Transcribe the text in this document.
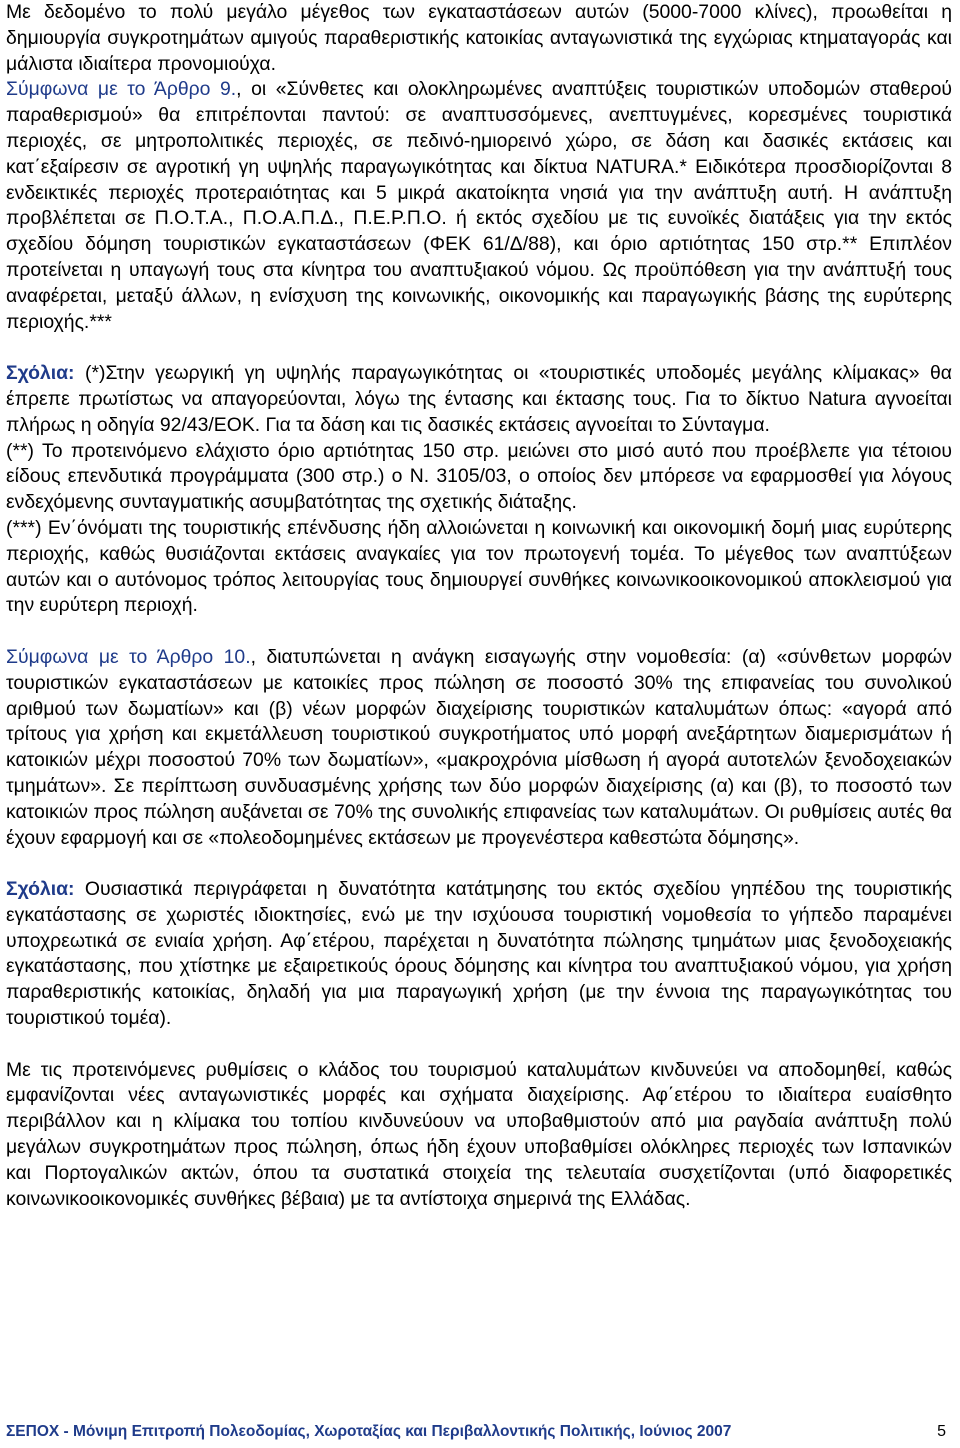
Με δεδομένο το πολύ μεγάλο μέγεθος των εγκαταστάσεων αυτών (5000-7000 κλίνες), προωθείται η δημιουργία συγκροτημάτων αμιγούς παραθεριστικής κατοικίας ανταγωνιστικά της εγχώριας κτηματαγοράς και μάλιστα ιδιαίτερα προνομιούχα.

Σύμφωνα με το Άρθρο 9., οι «Σύνθετες και ολοκληρωμένες αναπτύξεις τουριστικών υποδομών σταθερού παραθερισμού» θα επιτρέπονται παντού: σε αναπτυσσόμενες, ανεπτυγμένες, κορεσμένες τουριστικά περιοχές, σε μητροπολιτικές περιοχές, σε πεδινό-ημιορεινό χώρο, σε δάση και δασικές εκτάσεις και κατ΄εξαίρεσιν σε αγροτική γη υψηλής παραγωγικότητας και δίκτυα NATURA.* Ειδικότερα προσδιορίζονται 8 ενδεικτικές περιοχές προτεραιότητας και 5 μικρά ακατοίκητα νησιά για την ανάπτυξη αυτή. Η ανάπτυξη προβλέπεται σε Π.Ο.Τ.Α., Π.Ο.Α.Π.Δ., Π.Ε.Ρ.Π.Ο. ή εκτός σχεδίου με τις ευνοϊκές διατάξεις για την εκτός σχεδίου δόμηση τουριστικών εγκαταστάσεων (ΦΕΚ 61/Δ/88), και όριο αρτιότητας 150 στρ.** Επιπλέον προτείνεται η υπαγωγή τους στα κίνητρα του αναπτυξιακού νόμου. Ως προϋπόθεση για την ανάπτυξή τους αναφέρεται, μεταξύ άλλων, η ενίσχυση της κοινωνικής, οικονομικής και παραγωγικής βάσης της ευρύτερης περιοχής.***

Σχόλια: (*)Στην γεωργική γη υψηλής παραγωγικότητας οι «τουριστικές υποδομές μεγάλης κλίμακας» θα έπρεπε πρωτίστως να απαγορεύονται, λόγω της έντασης και έκτασης τους. Για το δίκτυο Natura αγνοείται πλήρως η οδηγία 92/43/ΕΟΚ. Για τα δάση και τις δασικές εκτάσεις αγνοείται το Σύνταγμα.

(**) Το προτεινόμενο ελάχιστο όριο αρτιότητας 150 στρ. μειώνει στο μισό αυτό που προέβλεπε για τέτοιου είδους επενδυτικά προγράμματα (300 στρ.) ο Ν. 3105/03, ο οποίος δεν μπόρεσε να εφαρμοσθεί για λόγους ενδεχόμενης συνταγματικής ασυμβατότητας της σχετικής διάταξης.

(***) Εν΄όνόματι της τουριστικής επένδυσης ήδη αλλοιώνεται η κοινωνική και οικονομική δομή μιας ευρύτερης περιοχής, καθώς θυσιάζονται εκτάσεις αναγκαίες για τον πρωτογενή τομέα. Το μέγεθος των αναπτύξεων αυτών και ο αυτόνομος τρόπος λειτουργίας τους δημιουργεί συνθήκες κοινωνικοοικονομικού αποκλεισμού για την ευρύτερη περιοχή.

Σύμφωνα με το Άρθρο 10., διατυπώνεται η ανάγκη εισαγωγής στην νομοθεσία: (α) «σύνθετων μορφών τουριστικών εγκαταστάσεων με κατοικίες προς πώληση σε ποσοστό 30% της επιφανείας του συνολικού αριθμού των δωματίων» και (β) νέων μορφών διαχείρισης τουριστικών καταλυμάτων όπως: «αγορά από τρίτους για χρήση και εκμετάλλευση τουριστικού συγκροτήματος υπό μορφή ανεξάρτητων διαμερισμάτων ή κατοικιών μέχρι ποσοστού 70% των δωματίων», «μακροχρόνια μίσθωση ή αγορά αυτοτελών ξενοδοχειακών τμημάτων». Σε περίπτωση συνδυασμένης χρήσης των δύο μορφών διαχείρισης (α) και (β), το ποσοστό των κατοικιών προς πώληση αυξάνεται σε 70% της συνολικής επιφανείας των καταλυμάτων. Οι ρυθμίσεις αυτές θα έχουν εφαρμογή και σε «πολεοδομημένες εκτάσεων με προγενέστερα καθεστώτα δόμησης».

Σχόλια: Ουσιαστικά περιγράφεται η δυνατότητα κατάτμησης του εκτός σχεδίου γηπέδου της τουριστικής εγκατάστασης σε χωριστές ιδιοκτησίες, ενώ με την ισχύουσα τουριστική νομοθεσία το γήπεδο παραμένει υποχρεωτικά σε ενιαία χρήση. Αφ΄ετέρου, παρέχεται η δυνατότητα πώλησης τμημάτων μιας ξενοδοχειακής εγκατάστασης, που χτίστηκε με εξαιρετικούς όρους δόμησης και κίνητρα του αναπτυξιακού νόμου, για χρήση παραθεριστικής κατοικίας, δηλαδή για μια παραγωγική χρήση (με την έννοια της παραγωγικότητας του τουριστικού τομέα).

Με τις προτεινόμενες ρυθμίσεις ο κλάδος του τουρισμού καταλυμάτων κινδυνεύει να αποδομηθεί, καθώς εμφανίζονται νέες ανταγωνιστικές μορφές και σχήματα διαχείρισης. Αφ΄ετέρου το ιδιαίτερα ευαίσθητο περιβάλλον και η κλίμακα του τοπίου κινδυνεύουν να υποβαθμιστούν από μια ραγδαία ανάπτυξη πολύ μεγάλων συγκροτημάτων προς πώληση, όπως ήδη έχουν υποβαθμίσει ολόκληρες περιοχές των Ισπανικών και Πορτογαλικών ακτών, όπου τα συστατικά στοιχεία της τελευταία συσχετίζονται (υπό διαφορετικές κοινωνικοοικονομικές συνθήκες βέβαια) με τα αντίστοιχα σημερινά της Ελλάδας.

ΣΕΠΟΧ - Μόνιμη Επιτροπή Πολεοδομίας, Χωροταξίας και Περιβαλλοντικής Πολιτικής, Ιούνιος 2007	5
